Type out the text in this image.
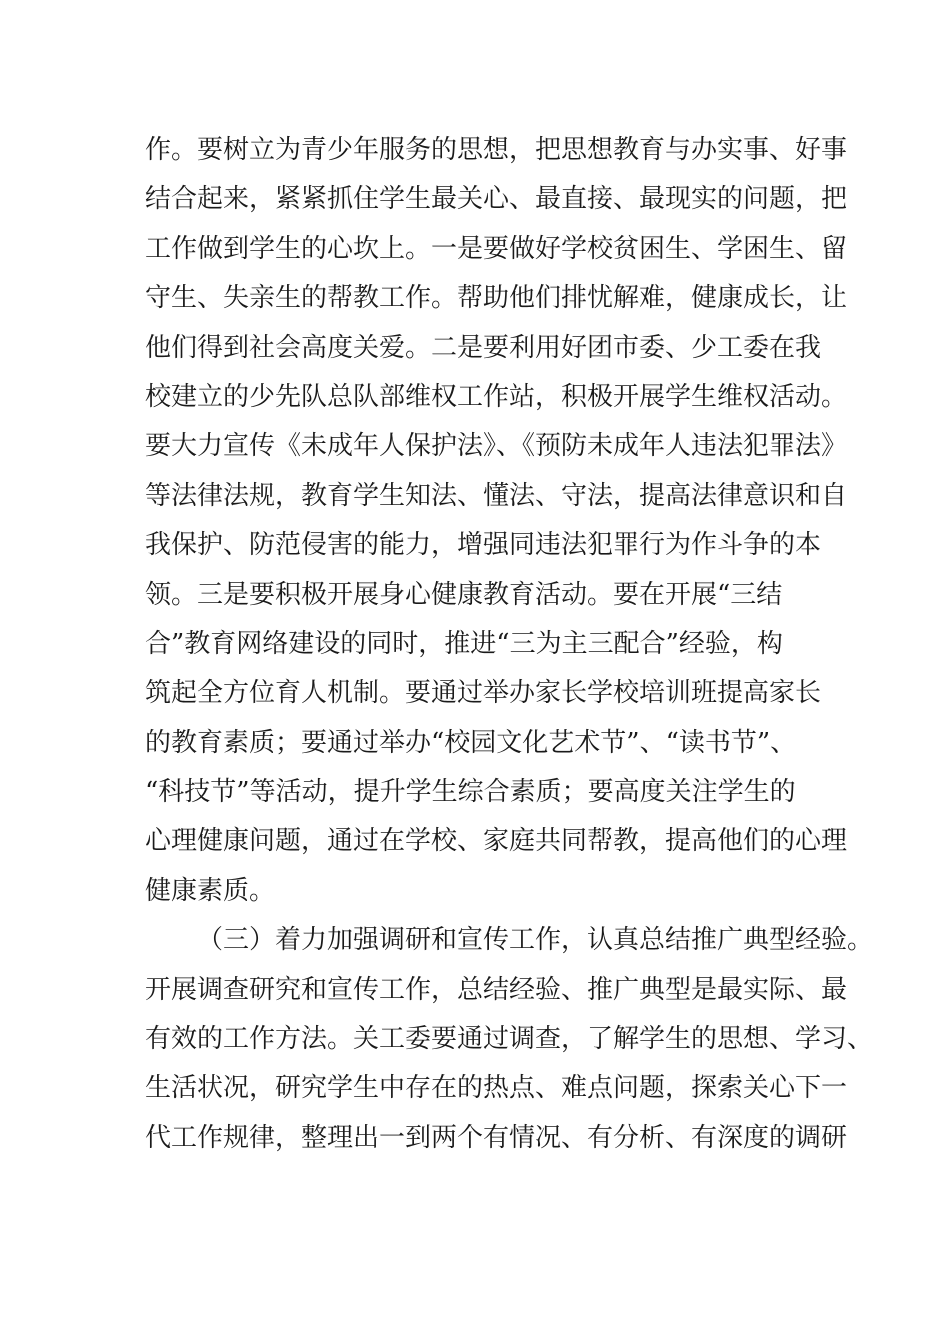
作。要树立为青少年服务的思想，把思想教育与办实事、好事
结合起来，紧紧抓住学生最关心、最直接、最现实的问题，把
工作做到学生的心坎上。一是要做好学校贫困生、学困生、留
守生、失亲生的帮教工作。帮助他们排忧解难，健康成长，让
他们得到社会高度关爱。二是要利用好团市委、少工委在我
校建立的少先队总队部维权工作站，积极开展学生维权活动。
要大力宣传《未成年人保护法》、《预防未成年人违法犯罪法》
等法律法规，教育学生知法、懂法、守法，提高法律意识和自
我保护、防范侵害的能力，增强同违法犯罪行为作斗争的本
领。三是要积极开展身心健康教育活动。要在开展“三结
合”教育网络建设的同时，推进“三为主三配合”经验，构
筑起全方位育人机制。要通过举办家长学校培训班提高家长
的教育素质；要通过举办“校园文化艺术节”、“读书节”、
“科技节”等活动，提升学生综合素质；要高度关注学生的
心理健康问题，通过在学校、家庭共同帮教，提高他们的心理
健康素质。
（三）着力加强调研和宣传工作，认真总结推广典型经验。
开展调查研究和宣传工作，总结经验、推广典型是最实际、最
有效的工作方法。关工委要通过调查，了解学生的思想、学习、
生活状况，研究学生中存在的热点、难点问题，探索关心下一
代工作规律，整理出一到两个有情况、有分析、有深度的调研
